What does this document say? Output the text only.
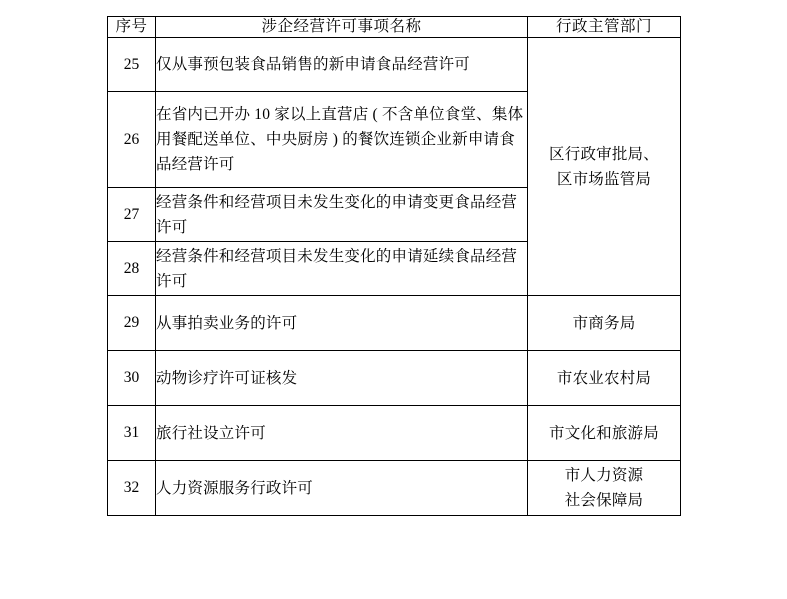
序号	涉企经营许可事项名称	行政主管部门
25	仅从事预包装食品销售的新申请食品经营许可	区行政审批局、
区市场监管局

26	在省内已开办 10 家以上直营店 ( 不含单位食堂、集体用餐配送单位、中央厨房 ) 的餐饮连锁企业新申请食品经营许可	
27	经营条件和经营项目未发生变化的申请变更食品经营许可	
28	经营条件和经营项目未发生变化的申请延续食品经营许可	
29	从事拍卖业务的许可	市商务局

30	动物诊疗许可证核发	市农业农村局

31	旅行社设立许可	市文化和旅游局

32	人力资源服务行政许可	市人力资源
社会保障局
